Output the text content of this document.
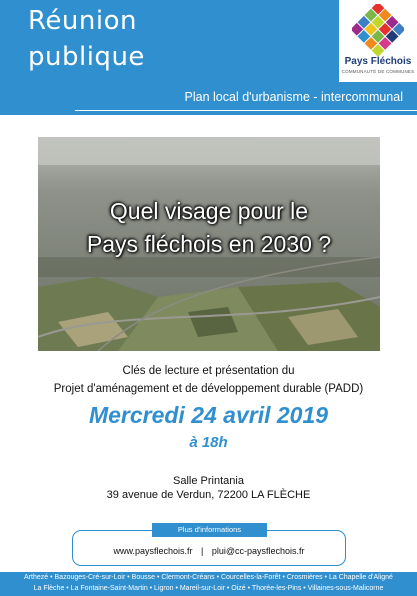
Réunion
publique	Pays Fléchois
COMMUNAUTÉ DE COMMUNES
Plan local d'urbanisme - intercommunal
Quel visage pour le
Pays fléchois en 2030 ?
Clés de lecture et présentation du
Projet d'aménagement et de développement durable (PADD)
Mercredi 24 avril 2019
à 18h
Salle Printania
39 avenue de Verdun, 72200 LA FLÈCHE
Plus d'informations
www.paysflechois.fr | plui@cc-paysflechois.fr
Arthezé • Bazouges-Cré-sur-Loir • Bousse • Clermont-Créans • Courcelles-la-Forêt • Crosmières • La Chapelle d'Aligné
La Flèche • La Fontaine-Saint-Martin • Ligron • Mareil-sur-Loir • Oizé • Thorée-les-Pins • Villaines-sous-Malicorne
